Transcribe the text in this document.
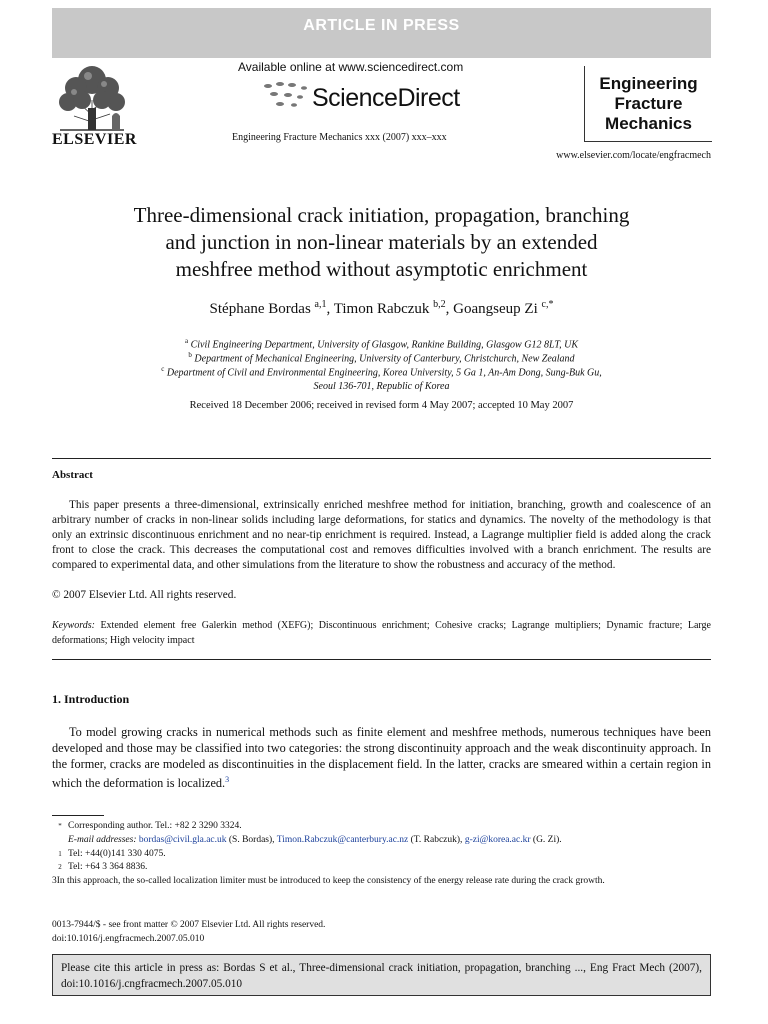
ARTICLE IN PRESS
ELSEVIER
Available online at www.sciencedirect.com
ScienceDirect
Engineering Fracture Mechanics xxx (2007) xxx–xxx
Engineering
Fracture
Mechanics
www.elsevier.com/locate/engfracmech
Three-dimensional crack initiation, propagation, branching
and junction in non-linear materials by an extended
meshfree method without asymptotic enrichment
Stéphane Bordas $^{a,1}$, Timon Rabczuk $^{b,2}$, Goangseup Zi $^{c,*}$
$^a$ Civil Engineering Department, University of Glasgow, Rankine Building, Glasgow G12 8LT, UK
$^b$ Department of Mechanical Engineering, University of Canterbury, Christchurch, New Zealand
$^c$ Department of Civil and Environmental Engineering, Korea University, 5 Ga 1, An-Am Dong, Sung-Buk Gu,
Seoul 136-701, Republic of Korea
Received 18 December 2006; received in revised form 4 May 2007; accepted 10 May 2007
Abstract
This paper presents a three-dimensional, extrinsically enriched meshfree method for initiation, branching, growth and coalescence of an arbitrary number of cracks in non-linear solids including large deformations, for statics and dynamics. The novelty of the methodology is that only an extrinsic discontinuous enrichment and no near-tip enrichment is required. Instead, a Lagrange multiplier field is added along the crack front to close the crack. This decreases the computational cost and removes difficulties involved with a branch enrichment. The results are compared to experimental data, and other simulations from the literature to show the robustness and accuracy of the method.
© 2007 Elsevier Ltd. All rights reserved.
Keywords: Extended element free Galerkin method (XEFG); Discontinuous enrichment; Cohesive cracks; Lagrange multipliers; Dynamic fracture; Large deformations; High velocity impact
1. Introduction
To model growing cracks in numerical methods such as finite element and meshfree methods, numerous techniques have been developed and those may be classified into two categories: the strong discontinuity approach and the weak discontinuity approach. In the former, cracks are modeled as discontinuities in the displacement field. In the latter, cracks are smeared within a certain region in which the deformation is localized.$^3$
* Corresponding author. Tel.: +82 2 3290 3324.
E-mail addresses: bordas@civil.gla.ac.uk (S. Bordas), Timon.Rabczuk@canterbury.ac.nz (T. Rabczuk), g-zi@korea.ac.kr (G. Zi).
1 Tel: +44(0)141 330 4075.
2 Tel: +64 3 364 8836.
3In this approach, the so-called localization limiter must be introduced to keep the consistency of the energy release rate during the crack growth.
0013-7944/$ - see front matter © 2007 Elsevier Ltd. All rights reserved.
doi:10.1016/j.engfracmech.2007.05.010
Please cite this article in press as: Bordas S et al., Three-dimensional crack initiation, propagation, branching ..., Eng Fract Mech (2007), doi:10.1016/j.cngfracmech.2007.05.010
